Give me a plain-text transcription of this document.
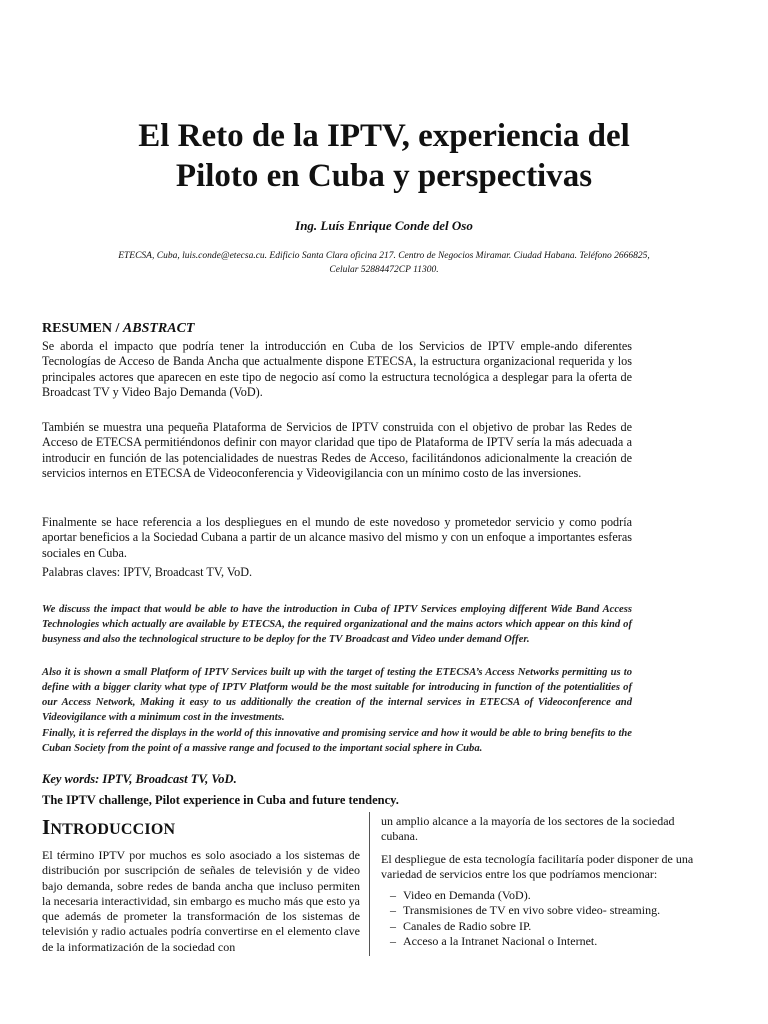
El Reto de la IPTV, experiencia del
Piloto en Cuba y perspectivas
Ing. Luís Enrique Conde del Oso
ETECSA, Cuba, luis.conde@etecsa.cu. Edificio Santa Clara oficina 217. Centro de Negocios Miramar. Ciudad Habana. Teléfono 2666825,
Celular 52884472CP 11300.
RESUMEN / ABSTRACT

Se aborda el impacto que podría tener la introducción en Cuba de los Servicios de IPTV emple-ando diferentes Tecnologías de Acceso de Banda Ancha que actualmente dispone ETECSA, la estructura organizacional requerida y los principales actores que aparecen en este tipo de negocio así como la estructura tecnológica a desplegar para la oferta de Broadcast TV y Video Bajo Demanda (VoD).

También se muestra una pequeña Plataforma de Servicios de IPTV construida con el objetivo de probar las Redes de Acceso de ETECSA permitiéndonos definir con mayor claridad que tipo de Plataforma de IPTV sería la más adecuada a introducir en función de las potencialidades de nuestras Redes de Acceso, facilitándonos adicionalmente la creación de servicios internos en ETECSA de Videoconferencia y Videovigilancia con un mínimo costo de las inversiones.

Finalmente se hace referencia a los despliegues en el mundo de este novedoso y prometedor servicio y como podría aportar beneficios a la Sociedad Cubana a partir de un alcance masivo del mismo y con un enfoque a importantes esferas sociales en Cuba.

Palabras claves: IPTV, Broadcast TV, VoD.

We discuss the impact that would be able to have the introduction in Cuba of IPTV Services employing different Wide Band Access Technologies which actually are available by ETECSA, the required organizational and the mains actors which appear on this kind of busyness and also the technological structure to be deploy for the TV Broadcast and Video under demand Offer.

Also it is shown a small Platform of IPTV Services built up with the target of testing the ETECSA’s Access Networks permitting us to define with a bigger clarity what type of IPTV Platform would be the most suitable for introducing in function of the potentialities of our Access Network, Making it easy to us additionally the creation of the internal services in ETECSA of Videoconference and Videovigilance with a minimum cost in the investments.

Finally, it is referred the displays in the world of this innovative and promising service and how it would be able to bring benefits to the Cuban Society from the point of a massive range and focused to the important social sphere in Cuba.

Key words: IPTV, Broadcast TV, VoD.
The IPTV challenge, Pilot experience in Cuba and future tendency.
INTRODUCCION

El término IPTV por muchos es solo asociado a los sistemas de distribución por suscripción de señales de televisión y de video bajo demanda, sobre redes de banda ancha que incluso permiten la necesaria interactividad, sin embargo es mucho más que esto ya que además de prometer la transformación de los sistemas de televisión y radio actuales podría convertirse en el elemento clave de la informatización de la sociedad con

un amplio alcance a la mayoría de los sectores de la sociedad cubana.

El despliegue de esta tecnología facilitaría poder disponer de una variedad de servicios entre los que podríamos mencionar:

– Video en Demanda (VoD).
– Transmisiones de TV en vivo sobre video- streaming.
– Canales de Radio sobre IP.
– Acceso a la Intranet Nacional o Internet.
